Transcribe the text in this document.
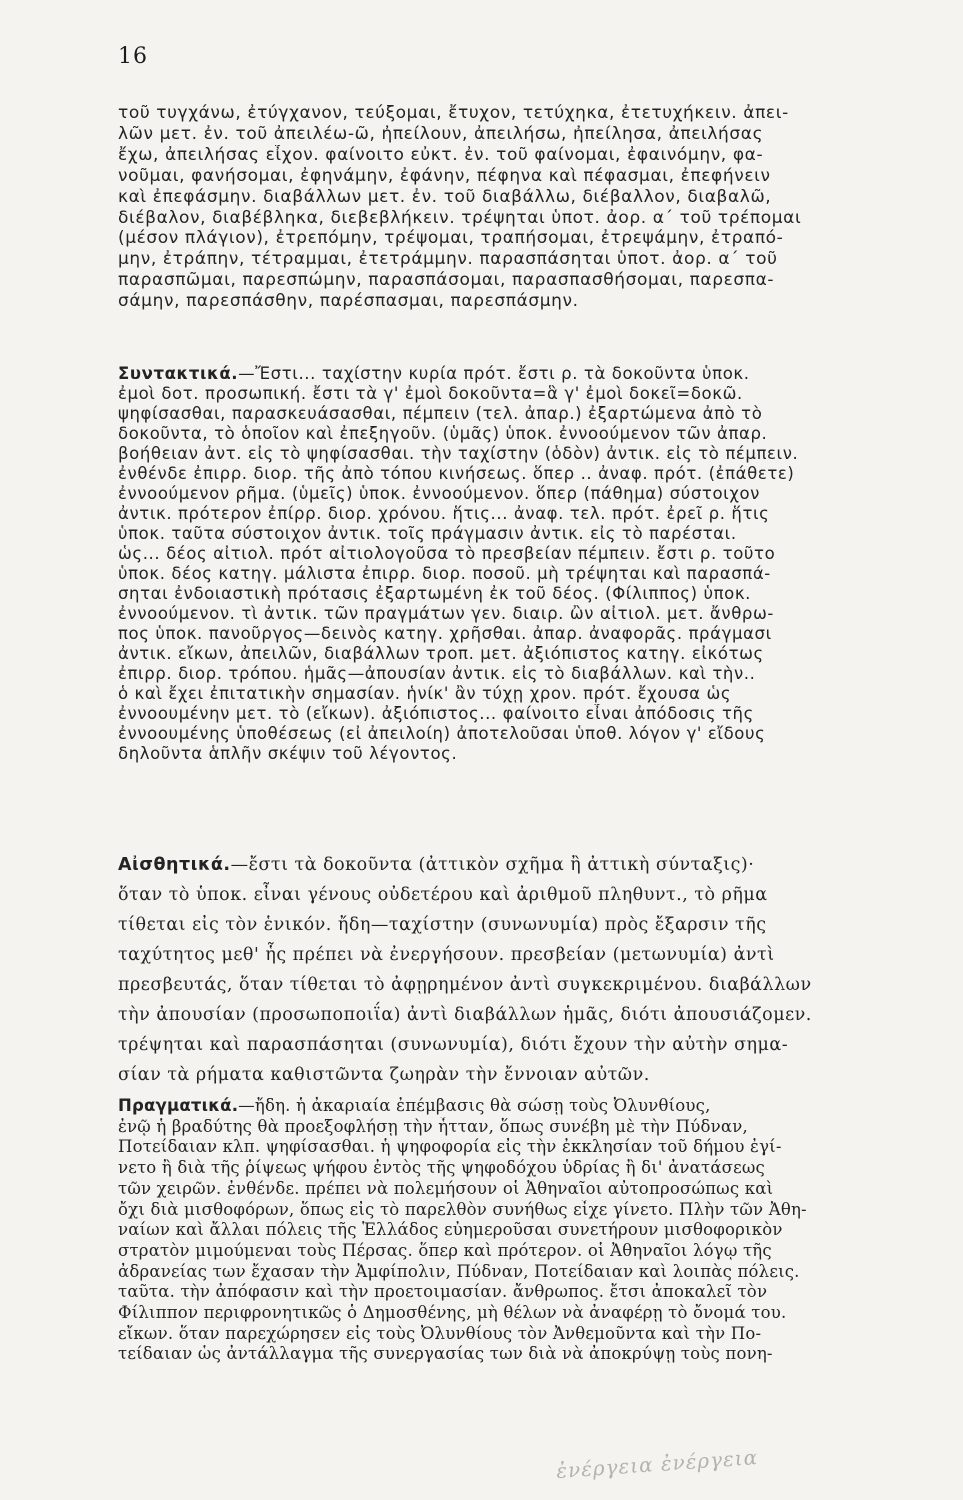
16
τοῦ τυγχάνω, ἐτύγχανον, τεύξομαι, ἔτυχον, τετύχηκα, ἐτετυχήκειν. ἀπει-
λῶν μετ. ἐν. τοῦ ἀπειλέω-ῶ, ἠπείλουν, ἀπειλήσω, ἠπείλησα, ἀπειλήσας
ἔχω, ἀπειλήσας εἶχον. φαίνοιτο εὐκτ. ἐν. τοῦ φαίνομαι, ἐφαινόμην, φα-
νοῦμαι, φανήσομαι, ἐφηνάμην, ἐφάνην, πέφηνα καὶ πέφασμαι, ἐπεφήνειν
καὶ ἐπεφάσμην. διαβάλλων μετ. ἐν. τοῦ διαβάλλω, διέβαλλον, διαβαλῶ,
διέβαλον, διαβέβληκα, διεβεβλήκειν. τρέψηται ὑποτ. ἀορ. α΄ τοῦ τρέπομαι
(μέσον πλάγιον), ἐτρεπόμην, τρέψομαι, τραπήσομαι, ἐτρεψάμην, ἐτραπό-
μην, ἐτράπην, τέτραμμαι, ἐτετράμμην. παρασπάσηται ὑποτ. ἀορ. α΄ τοῦ
παρασπῶμαι, παρεσπώμην, παρασπάσομαι, παρασπασθήσομαι, παρεσπα-
σάμην, παρεσπάσθην, παρέσπασμαι, παρεσπάσμην.
Συντακτικά.—Ἔστι... ταχίστην κυρία πρότ. ἔστι ρ. τὰ δοκοῦντα ὑποκ.
ἐμοὶ δοτ. προσωπική. ἔστι τὰ γ' ἐμοὶ δοκοῦντα=ἃ γ' ἐμοὶ δοκεῖ=δοκῶ.
ψηφίσασθαι, παρασκευάσασθαι, πέμπειν (τελ. ἀπαρ.) ἐξαρτώμενα ἀπὸ τὸ
δοκοῦντα, τὸ ὁποῖον καὶ ἐπεξηγοῦν. (ὑμᾶς) ὑποκ. ἐννοούμενον τῶν ἀπαρ.
βοήθειαν ἀντ. εἰς τὸ ψηφίσασθαι. τὴν ταχίστην (ὁδὸν) ἀντικ. εἰς τὸ πέμπειν.
ἐνθένδε ἐπιρρ. διορ. τῆς ἀπὸ τόπου κινήσεως. ὅπερ .. ἀναφ. πρότ. (ἐπάθετε)
ἐννοούμενον ρῆμα. (ὑμεῖς) ὑποκ. ἐννοούμενον. ὅπερ (πάθημα) σύστοιχον
ἀντικ. πρότερον ἐπίρρ. διορ. χρόνου. ἥτις... ἀναφ. τελ. πρότ. ἐρεῖ ρ. ἥτις
ὑποκ. ταῦτα σύστοιχον ἀντικ. τοῖς πράγμασιν ἀντικ. εἰς τὸ παρέσται.
ὡς... δέος αἰτιολ. πρότ αἰτιολογοῦσα τὸ πρεσβείαν πέμπειν. ἔστι ρ. τοῦτο
ὑποκ. δέος κατηγ. μάλιστα ἐπιρρ. διορ. ποσοῦ. μὴ τρέψηται καὶ παρασπά-
σηται ἐνδοιαστικὴ πρότασις ἐξαρτωμένη ἐκ τοῦ δέος. (Φίλιππος) ὑποκ.
ἐννοούμενον. τὶ ἀντικ. τῶν πραγμάτων γεν. διαιρ. ὢν αἰτιολ. μετ. ἄνθρω-
πος ὑποκ. πανοῦργος—δεινὸς κατηγ. χρῆσθαι. ἀπαρ. ἀναφορᾶς. πράγμασι
ἀντικ. εἴκων, ἀπειλῶν, διαβάλλων τροπ. μετ. ἀξιόπιστος κατηγ. εἰκότως
ἐπιρρ. διορ. τρόπου. ἡμᾶς—ἀπουσίαν ἀντικ. εἰς τὸ διαβάλλων. καὶ τὴν..
ὁ καὶ ἔχει ἐπιτατικὴν σημασίαν. ἡνίκ' ἂν τύχῃ χρον. πρότ. ἔχουσα ὡς
ἐννοουμένην μετ. τὸ (εἴκων). ἀξιόπιστος... φαίνοιτο εἶναι ἀπόδοσις τῆς
ἐννοουμένης ὑποθέσεως (εἰ ἀπειλοίη) ἀποτελοῦσαι ὑποθ. λόγον γ' εἴδους
δηλοῦντα ἁπλῆν σκέψιν τοῦ λέγοντος.
Αἰσθητικά.—ἔστι τὰ δοκοῦντα (ἀττικὸν σχῆμα ἢ ἀττικὴ σύνταξις)·
ὅταν τὸ ὑποκ. εἶναι γένους οὐδετέρου καὶ ἀριθμοῦ πληθυντ., τὸ ρῆμα
τίθεται εἰς τὸν ἑνικόν. ἤδη—ταχίστην (συνωνυμία) πρὸς ἔξαρσιν τῆς
ταχύτητος μεθ' ἧς πρέπει νὰ ἐνεργήσουν. πρεσβείαν (μετωνυμία) ἀντὶ
πρεσβευτάς, ὅταν τίθεται τὸ ἀφῃρημένον ἀντὶ συγκεκριμένου. διαβάλλων
τὴν ἀπουσίαν (προσωποποιΐα) ἀντὶ διαβάλλων ἡμᾶς, διότι ἀπουσιάζομεν.
τρέψηται καὶ παρασπάσηται (συνωνυμία), διότι ἔχουν τὴν αὐτὴν σημα-
σίαν τὰ ρήματα καθιστῶντα ζωηρὰν τὴν ἔννοιαν αὐτῶν.
Πραγματικά.—ἤδη. ἡ ἀκαριαία ἐπέμβασις θὰ σώσῃ τοὺς Ὀλυνθίους,
ἐνῷ ἡ βραδύτης θὰ προεξοφλήσῃ τὴν ἧτταν, ὅπως συνέβη μὲ τὴν Πύδναν,
Ποτείδαιαν κλπ. ψηφίσασθαι. ἡ ψηφοφορία εἰς τὴν ἐκκλησίαν τοῦ δήμου ἐγί-
νετο ἢ διὰ τῆς ῥίψεως ψήφου ἐντὸς τῆς ψηφοδόχου ὑδρίας ἢ δι' ἀνατάσεως
τῶν χειρῶν. ἐνθένδε. πρέπει νὰ πολεμήσουν οἱ Ἀθηναῖοι αὐτοπροσώπως καὶ
ὄχι διὰ μισθοφόρων, ὅπως εἰς τὸ παρελθὸν συνήθως εἶχε γίνετο. Πλὴν τῶν Ἀθη-
ναίων καὶ ἄλλαι πόλεις τῆς Ἑλλάδος εὐημεροῦσαι συνετήρουν μισθοφορικὸν
στρατὸν μιμούμεναι τοὺς Πέρσας. ὅπερ καὶ πρότερον. οἱ Ἀθηναῖοι λόγῳ τῆς
ἀδρανείας των ἔχασαν τὴν Ἀμφίπολιν, Πύδναν, Ποτείδαιαν καὶ λοιπὰς πόλεις.
ταῦτα. τὴν ἀπόφασιν καὶ τὴν προετοιμασίαν. ἄνθρωπος. ἔτσι ἀποκαλεῖ τὸν
Φίλιππον περιφρονητικῶς ὁ Δημοσθένης, μὴ θέλων νὰ ἀναφέρῃ τὸ ὄνομά του.
εἴκων. ὅταν παρεχώρησεν εἰς τοὺς Ὀλυνθίους τὸν Ἀνθεμοῦντα καὶ τὴν Πο-
τείδαιαν ὡς ἀντάλλαγμα τῆς συνεργασίας των διὰ νὰ ἀποκρύψῃ τοὺς πονη-
ἐνέργεια ἐνέργεια
